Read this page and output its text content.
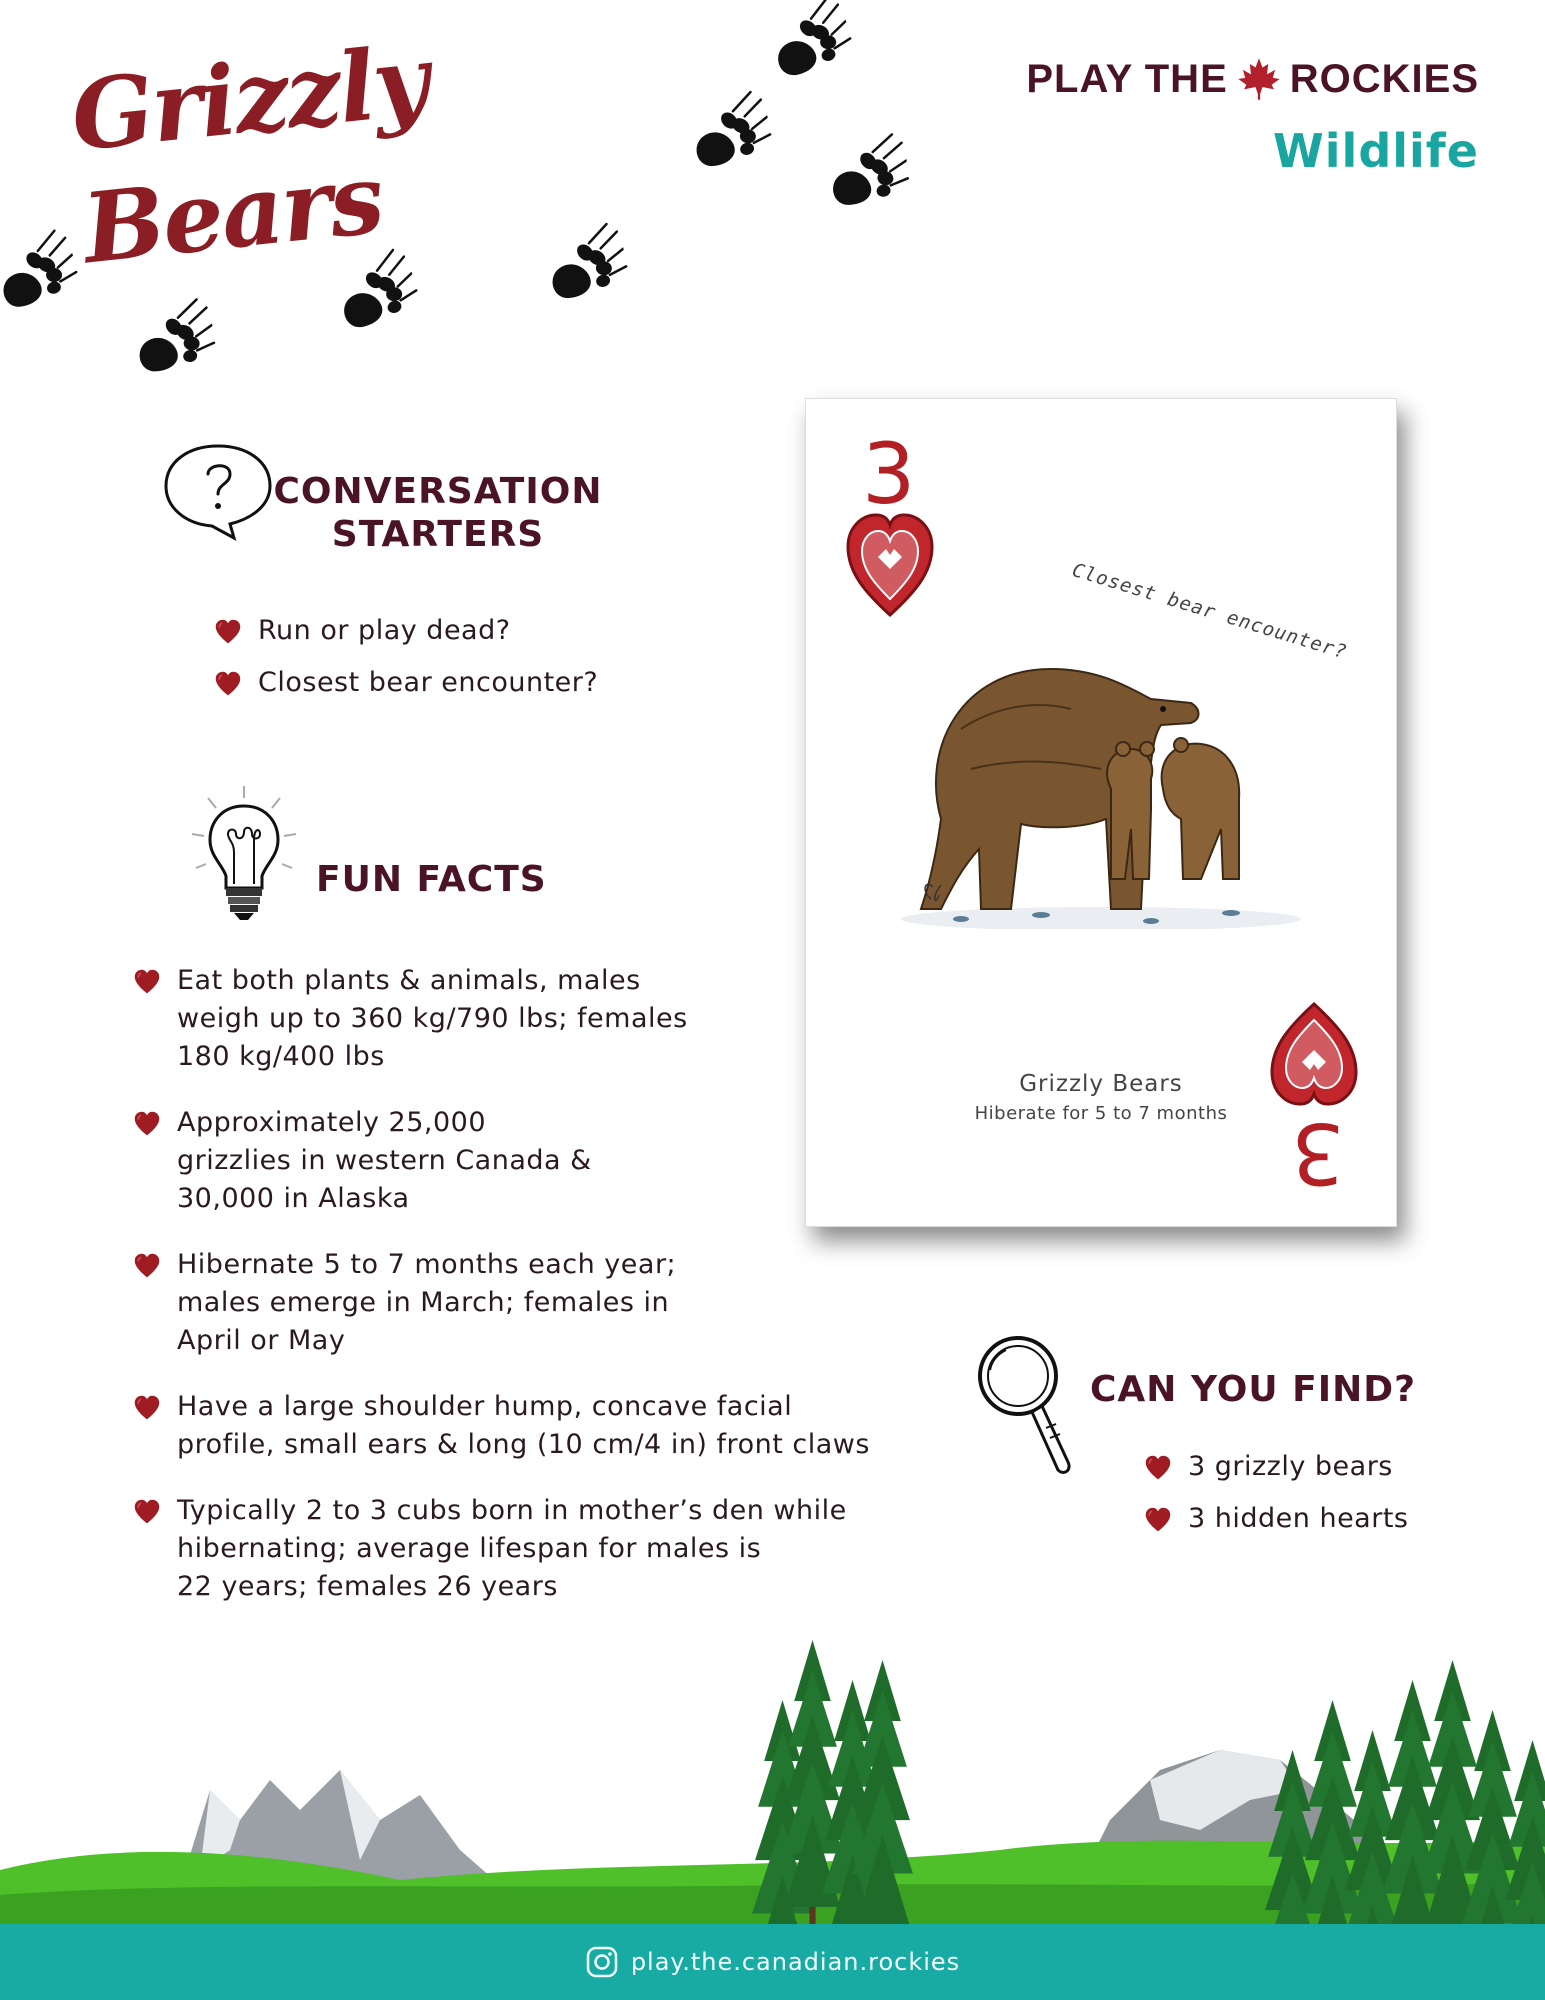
Grizzly Bears
PLAY THE ROCKIES
Wildlife
CONVERSATION
STARTERS
Run or play dead?
Closest bear encounter?
FUN FACTS
Eat both plants & animals, males
weigh up to 360 kg/790 lbs; females
180 kg/400 lbs
Approximately 25,000
grizzlies in western Canada &
30,000 in Alaska
Hibernate 5 to 7 months each year;
males emerge in March; females in
April or May
Have a large shoulder hump, concave facial
profile, small ears & long (10 cm/4 in) front claws
Typically 2 to 3 cubs born in mother’s den while
hibernating; average lifespan for males is
22 years; females 26 years
3
Closest bear encounter?
Grizzly Bears
Hiberate for 5 to 7 months 3
CAN YOU FIND?
3 grizzly bears
3 hidden hearts
play.the.canadian.rockies
